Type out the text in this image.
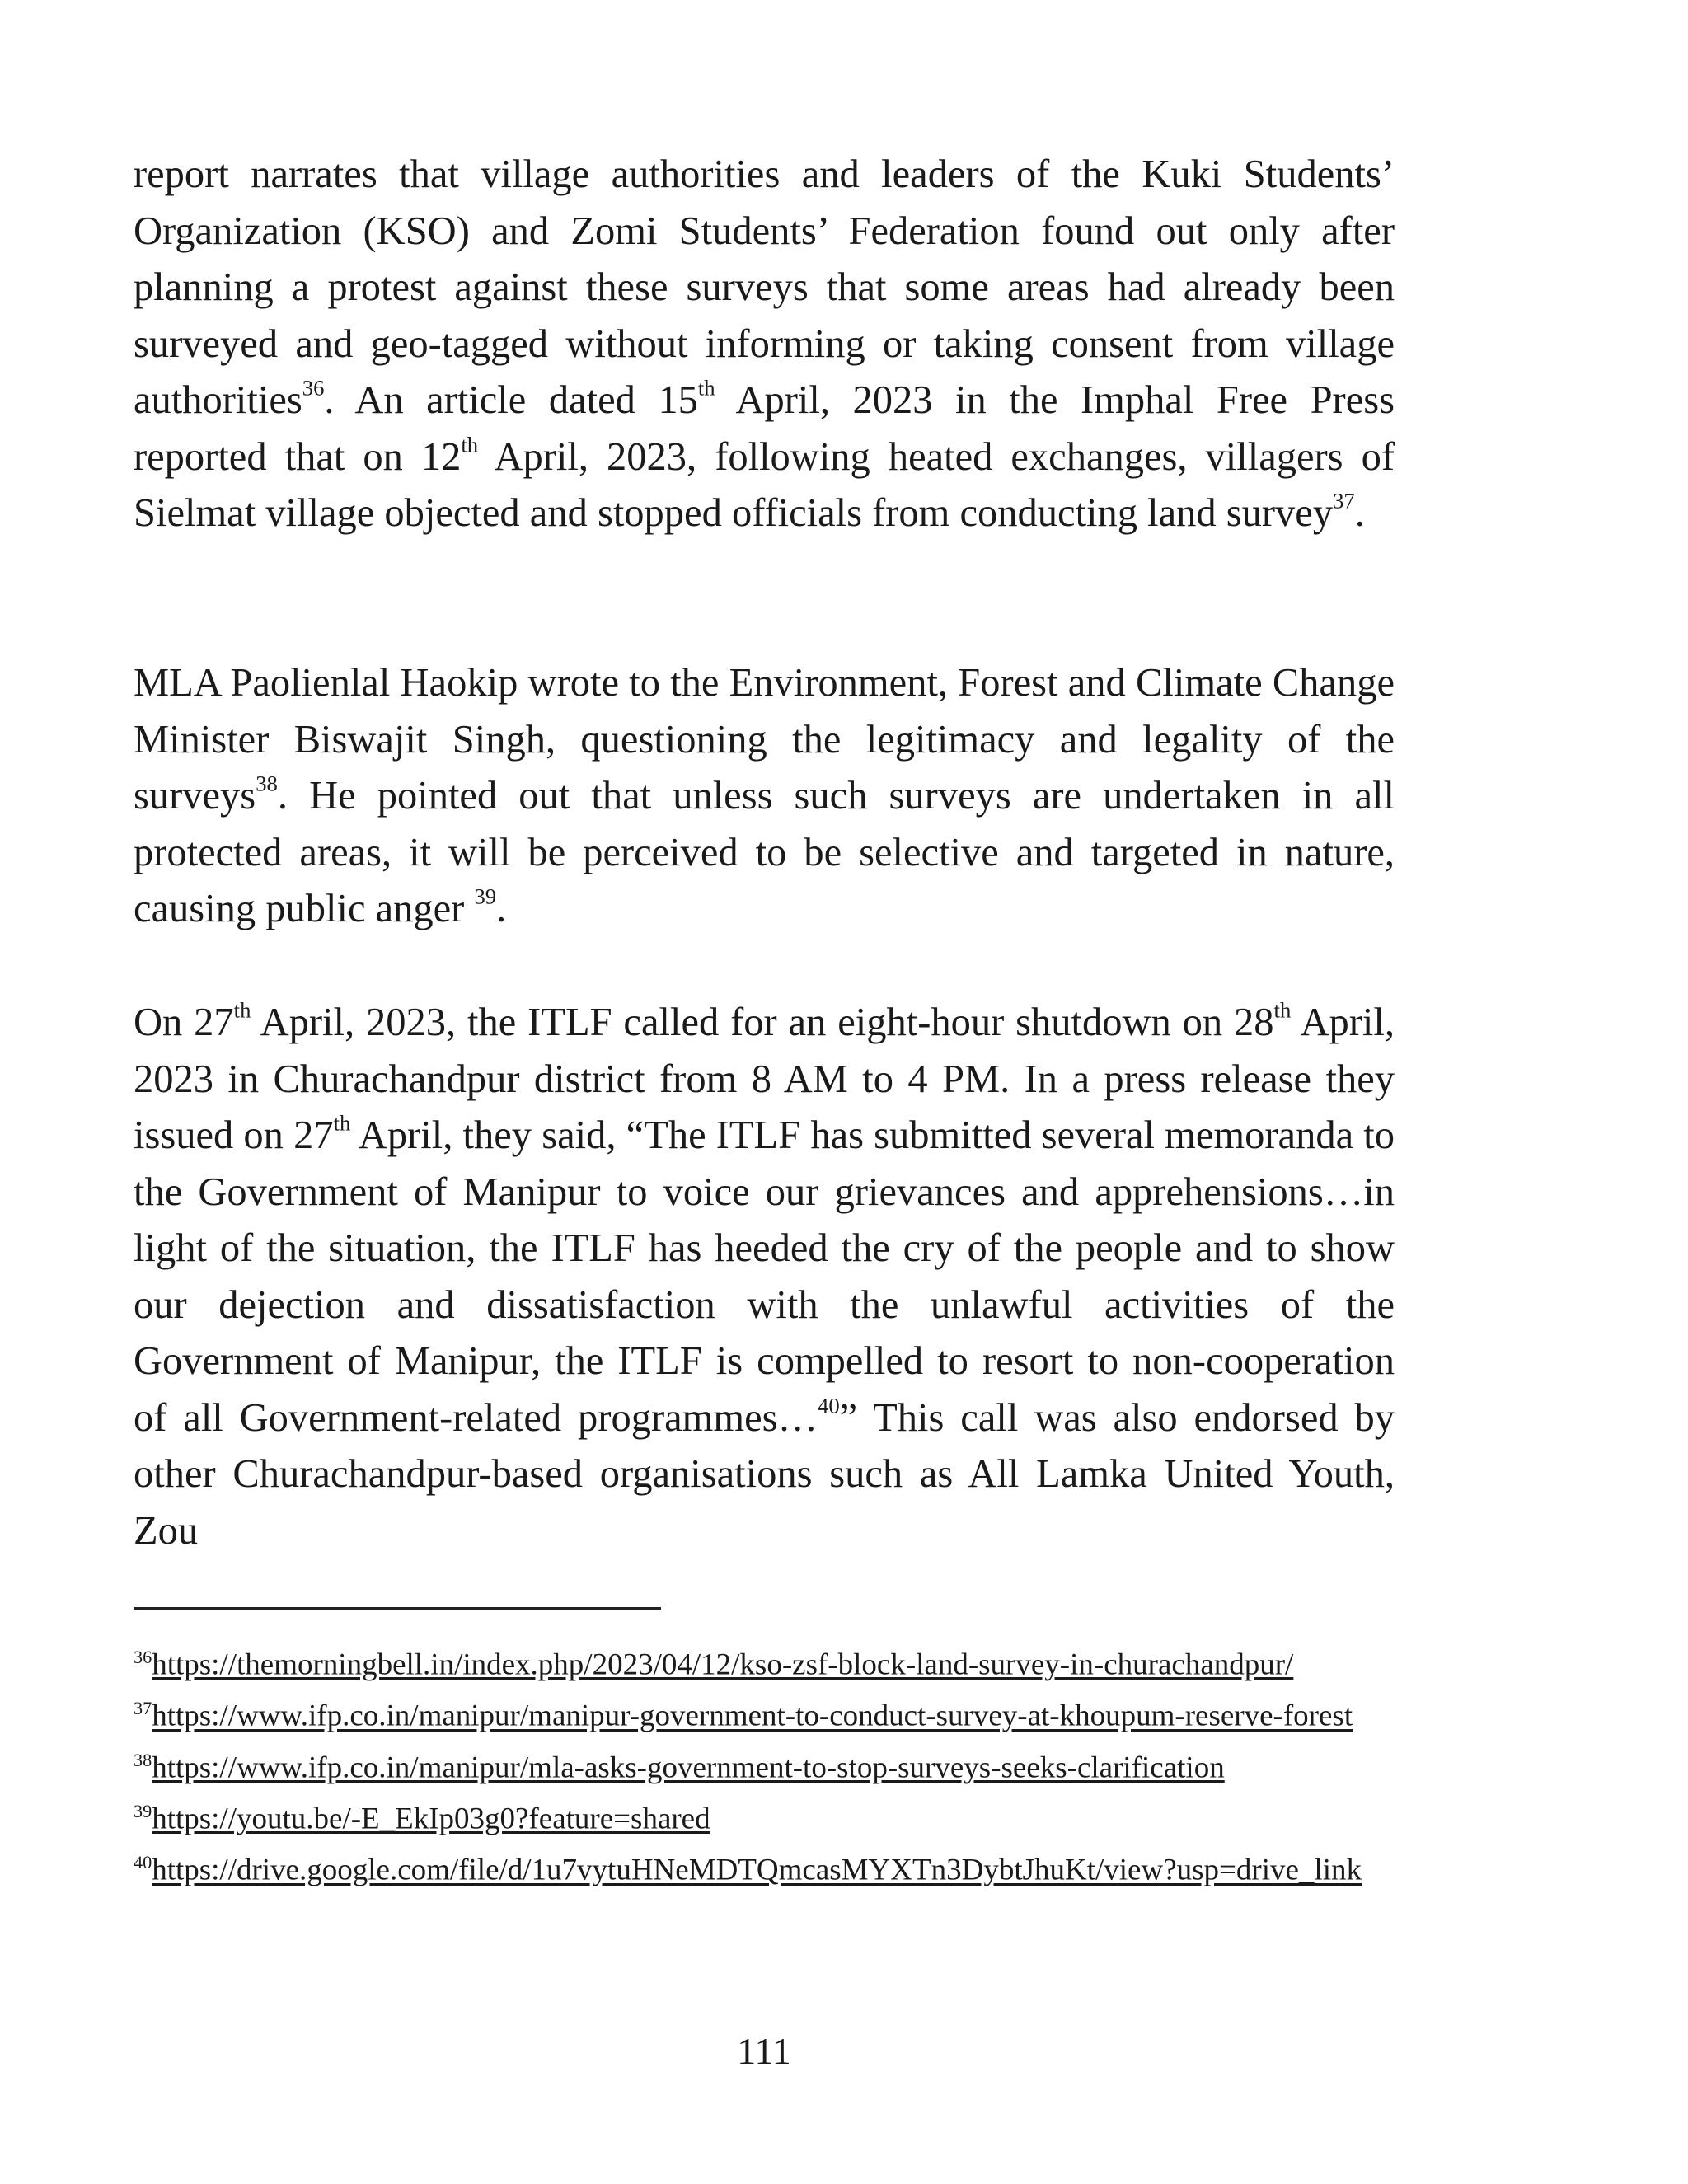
report narrates that village authorities and leaders of the Kuki Students’ Organization (KSO) and Zomi Students’ Federation found out only after planning a protest against these surveys that some areas had already been surveyed and geo-tagged without informing or taking consent from village authorities$^{36}$. An article dated 15th April, 2023 in the Imphal Free Press reported that on 12th April, 2023, following heated exchanges, villagers of Sielmat village objected and stopped officials from conducting land survey$^{37}$.

MLA Paolienlal Haokip wrote to the Environment, Forest and Climate Change Minister Biswajit Singh, questioning the legitimacy and legality of the surveys$^{38}$. He pointed out that unless such surveys are undertaken in all protected areas, it will be perceived to be selective and targeted in nature, causing public anger $^{39}$.

On 27th April, 2023, the ITLF called for an eight-hour shutdown on 28th April, 2023 in Churachandpur district from 8 AM to 4 PM. In a press release they issued on 27th April, they said, “The ITLF has submitted several memoranda to the Government of Manipur to voice our grievances and apprehensions…in light of the situation, the ITLF has heeded the cry of the people and to show our dejection and dissatisfaction with the unlawful activities of the Government of Manipur, the ITLF is compelled to resort to non-cooperation of all Government-related programmes…$^{40}$” This call was also endorsed by other Churachandpur-based organisations such as All Lamka United Youth, Zou

$^{36}$https://themorningbell.in/index.php/2023/04/12/kso-zsf-block-land-survey-in-churachandpur/

$^{37}$https://www.ifp.co.in/manipur/manipur-government-to-conduct-survey-at-khoupum-reserve-forest

$^{38}$https://www.ifp.co.in/manipur/mla-asks-government-to-stop-surveys-seeks-clarification

$^{39}$https://youtu.be/-E_EkIp03g0?feature=shared

$^{40}$https://drive.google.com/file/d/1u7vytuHNeMDTQmcasMYXTn3DybtJhuKt/view?usp=drive_link

111
